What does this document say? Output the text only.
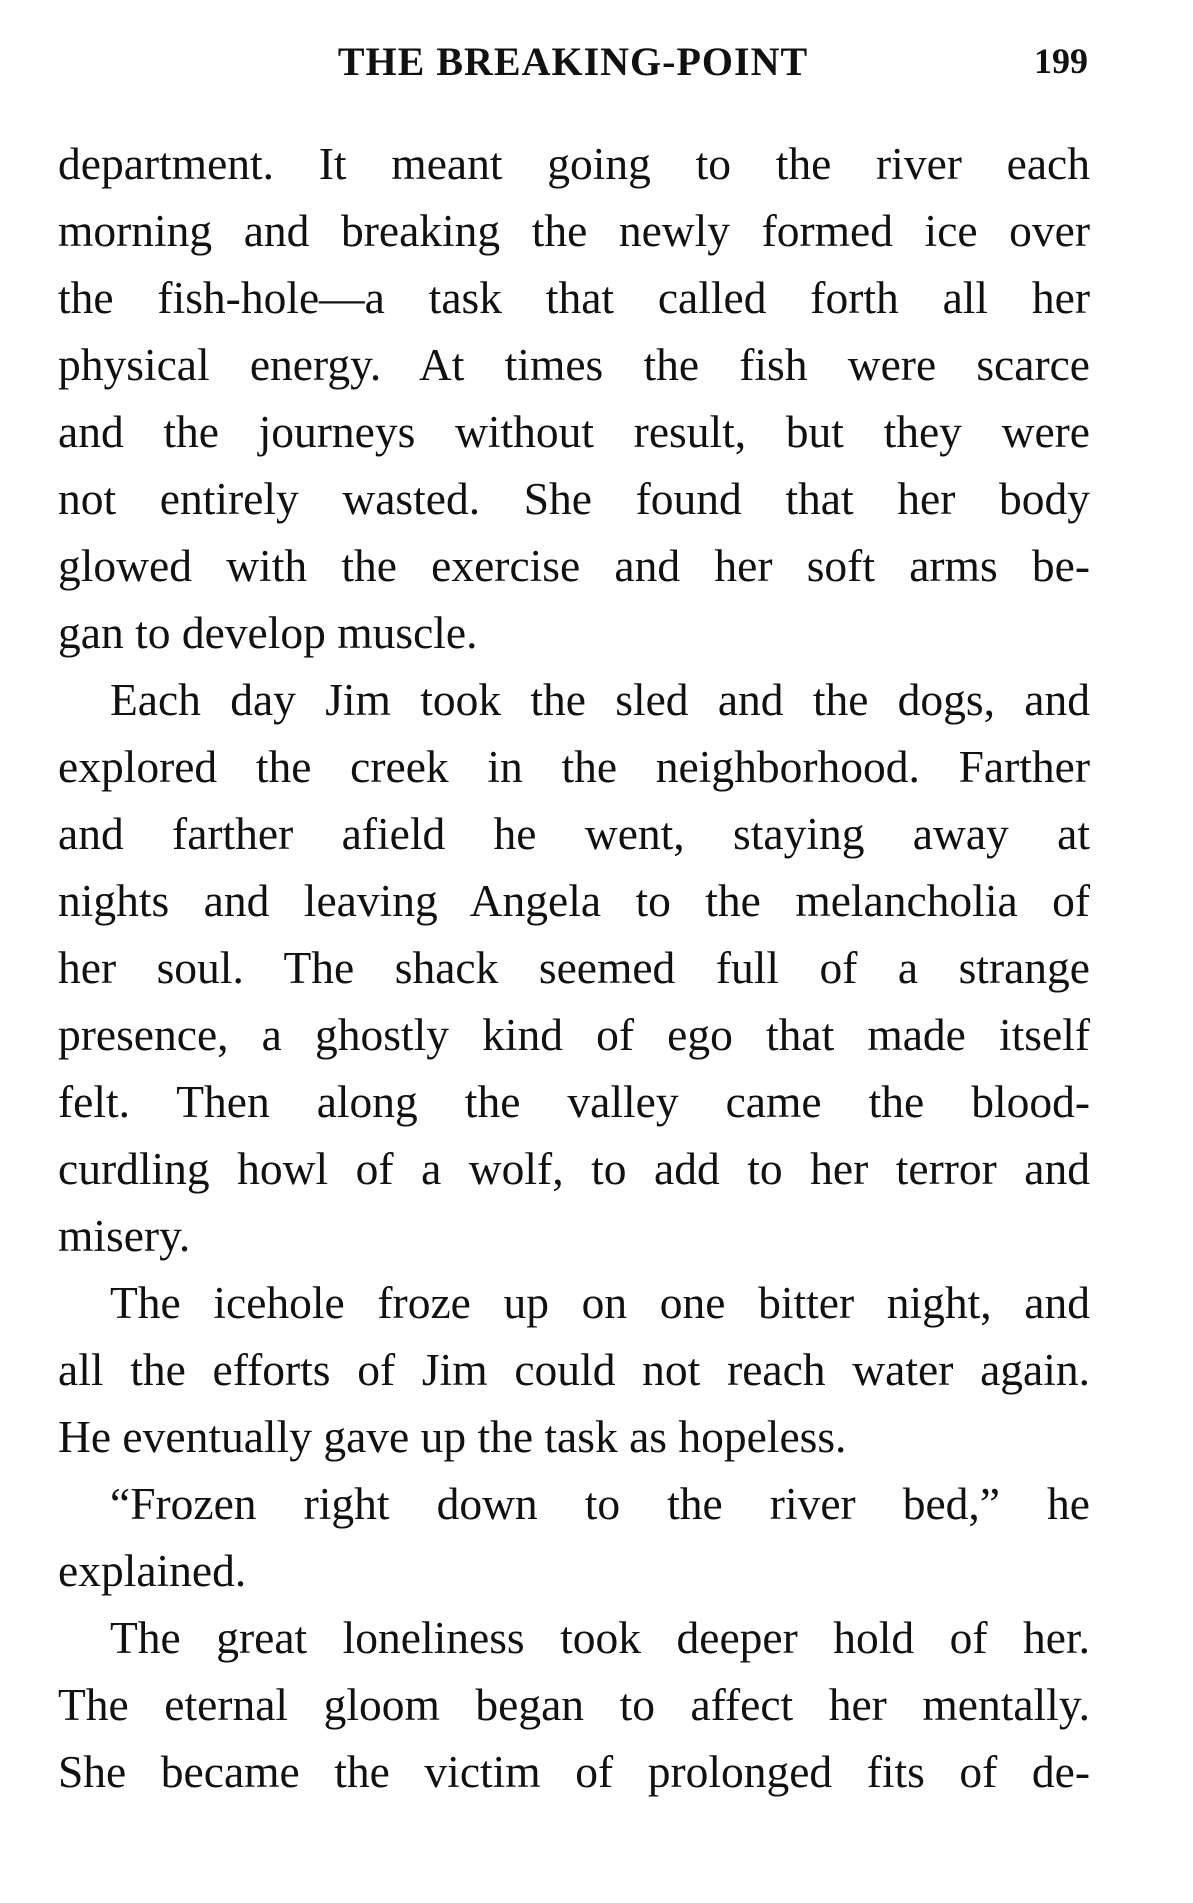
THE BREAKING-POINT	199

department. It meant going to the river each
morning and breaking the newly formed ice over
the fish-hole—a task that called forth all her
physical energy. At times the fish were scarce
and the journeys without result, but they were
not entirely wasted. She found that her body
glowed with the exercise and her soft arms be-
gan to develop muscle.

Each day Jim took the sled and the dogs, and
explored the creek in the neighborhood. Farther
and farther afield he went, staying away at
nights and leaving Angela to the melancholia of
her soul. The shack seemed full of a strange
presence, a ghostly kind of ego that made itself
felt. Then along the valley came the blood-
curdling howl of a wolf, to add to her terror and
misery.

The icehole froze up on one bitter night, and
all the efforts of Jim could not reach water again.
He eventually gave up the task as hopeless.

“Frozen right down to the river bed,” he
explained.

The great loneliness took deeper hold of her.
The eternal gloom began to affect her mentally.
She became the victim of prolonged fits of de-
